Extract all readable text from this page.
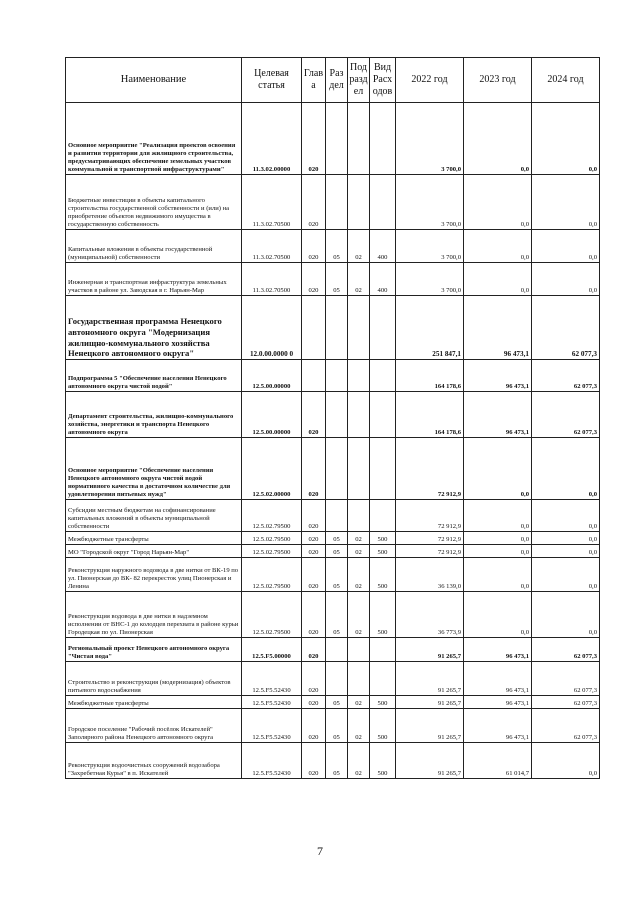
Наименование	Целевая статья	Глав а	Раз дел	Под разд ел	Вид Расх одов	2022 год	2023 год	2024 год
Основное мероприятие "Реализация проектов освоения и развития территории для жилищного строительства, предусматривающих обеспечение земельных участков коммунальной и транспортной инфраструктурами"	11.3.02.00000	020				3 700,0	0,0	0,0
Бюджетные инвестиции в объекты капитального строительства государственной собственности и (или) на приобретение объектов недвижимого имущества в государственную собственность	11.3.02.70500	020				3 700,0	0,0	0,0
Капитальные вложения в объекты государственной (муниципальной) собственности	11.3.02.70500	020	05	02	400	3 700,0	0,0	0,0
Инженерная и транспортная инфраструктура земельных участков в районе ул. Заводская в г. Нарьян-Мар	11.3.02.70500	020	05	02	400	3 700,0	0,0	0,0
Государственная программа Ненецкого автономного округа "Модернизация жилищно-коммунального хозяйства Ненецкого автономного округа"	12.0.00.0000 0					251 847,1	96 473,1	62 077,3
Подпрограмма 5 "Обеспечение населения Ненецкого автономного округа чистой водой"	12.5.00.00000					164 178,6	96 473,1	62 077,3
Департамент строительства, жилищно-коммунального хозяйства, энергетики и транспорта Ненецкого автономного округа	12.5.00.00000	020				164 178,6	96 473,1	62 077,3
Основное мероприятие "Обеспечение населения Ненецкого автономного округа чистой водой нормативного качества в достаточном количестве для удовлетворения питьевых нужд"	12.5.02.00000	020				72 912,9	0,0	0,0
Субсидии местным бюджетам на софинансирование капитальных вложений в объекты муниципальной собственности	12.5.02.79500	020				72 912,9	0,0	0,0
Межбюджетные трансферты	12.5.02.79500	020	05	02	500	72 912,9	0,0	0,0
МО "Городской округ "Город Нарьян-Мар"	12.5.02.79500	020	05	02	500	72 912,9	0,0	0,0
Реконструкция наружного водовода в две нитки от ВК-19 по ул. Пионерская до ВК- 82 перекресток улиц Пионерская и Ленина	12.5.02.79500	020	05	02	500	36 139,0	0,0	0,0
Реконструкция водовода в две нитки в надземном исполнении от ВНС-1 до колодцев перехвата в районе курьи Городецкая по ул. Пионерская	12.5.02.79500	020	05	02	500	36 773,9	0,0	0,0
Региональный проект Ненецкого автономного округа "Чистая вода"	12.5.F5.00000	020				91 265,7	96 473,1	62 077,3
Строительство и реконструкция (модернизация) объектов питьевого водоснабжения	12.5.F5.52430	020				91 265,7	96 473,1	62 077,3
Межбюджетные трансферты	12.5.F5.52430	020	05	02	500	91 265,7	96 473,1	62 077,3
Городское поселение "Рабочий посёлок Искателей" Заполярного района Ненецкого автономного округа	12.5.F5.52430	020	05	02	500	91 265,7	96 473,1	62 077,3
Реконструкция водоочистных сооружений водозабора "Захребетная Курья" в п. Искателей	12.5.F5.52430	020	05	02	500	91 265,7	61 014,7	0,0
7
